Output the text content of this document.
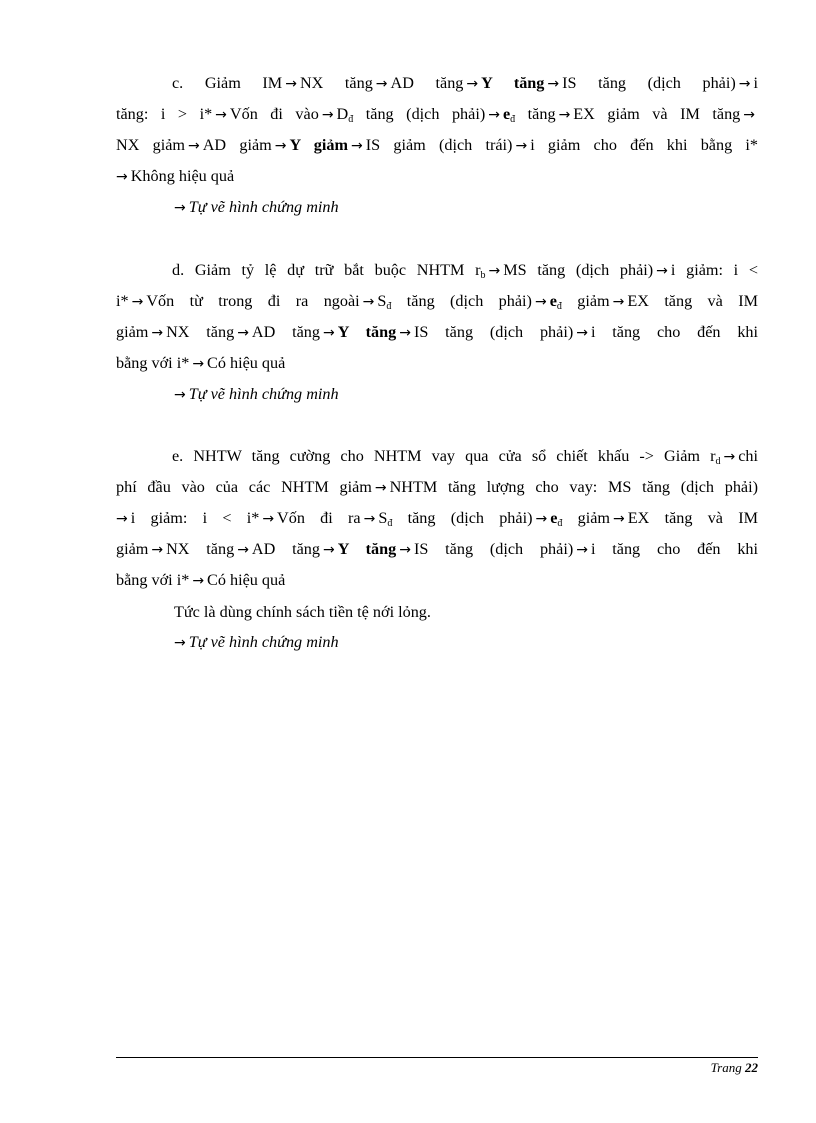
c. Giảm IM → NX tăng → AD tăng → Y tăng → IS tăng (dịch phải) → i
tăng: i > i* → Vốn đi vào → $D_đ$ tăng (dịch phải) → $e_đ$ tăng → EX giảm và IM tăng →
NX giảm → AD giảm → Y giảm → IS giảm (dịch trái) → i giảm cho đến khi bằng i*
→ Không hiệu quả
→ Tự vẽ hình chứng minh
d. Giảm tỷ lệ dự trữ bắt buộc NHTM $r_b$ → MS tăng (dịch phải) → i giảm: i <
i* → Vốn từ trong đi ra ngoài → $S_đ$ tăng (dịch phải) → $e_đ$ giảm → EX tăng và IM
giảm → NX tăng → AD tăng → Y tăng → IS tăng (dịch phải) → i tăng cho đến khi
bằng với i* → Có hiệu quả
→ Tự vẽ hình chứng minh
e. NHTW tăng cường cho NHTM vay qua cửa sổ chiết khấu -> Giảm $r_d$ → chi
phí đầu vào của các NHTM giảm → NHTM tăng lượng cho vay: MS tăng (dịch phải)
→ i giảm: i < i* → Vốn đi ra → $S_đ$ tăng (dịch phải) → $e_đ$ giảm → EX tăng và IM
giảm → NX tăng → AD tăng → Y tăng → IS tăng (dịch phải) → i tăng cho đến khi
bằng với i* → Có hiệu quả
Tức là dùng chính sách tiền tệ nới lỏng.
→ Tự vẽ hình chứng minh
Trang 22
